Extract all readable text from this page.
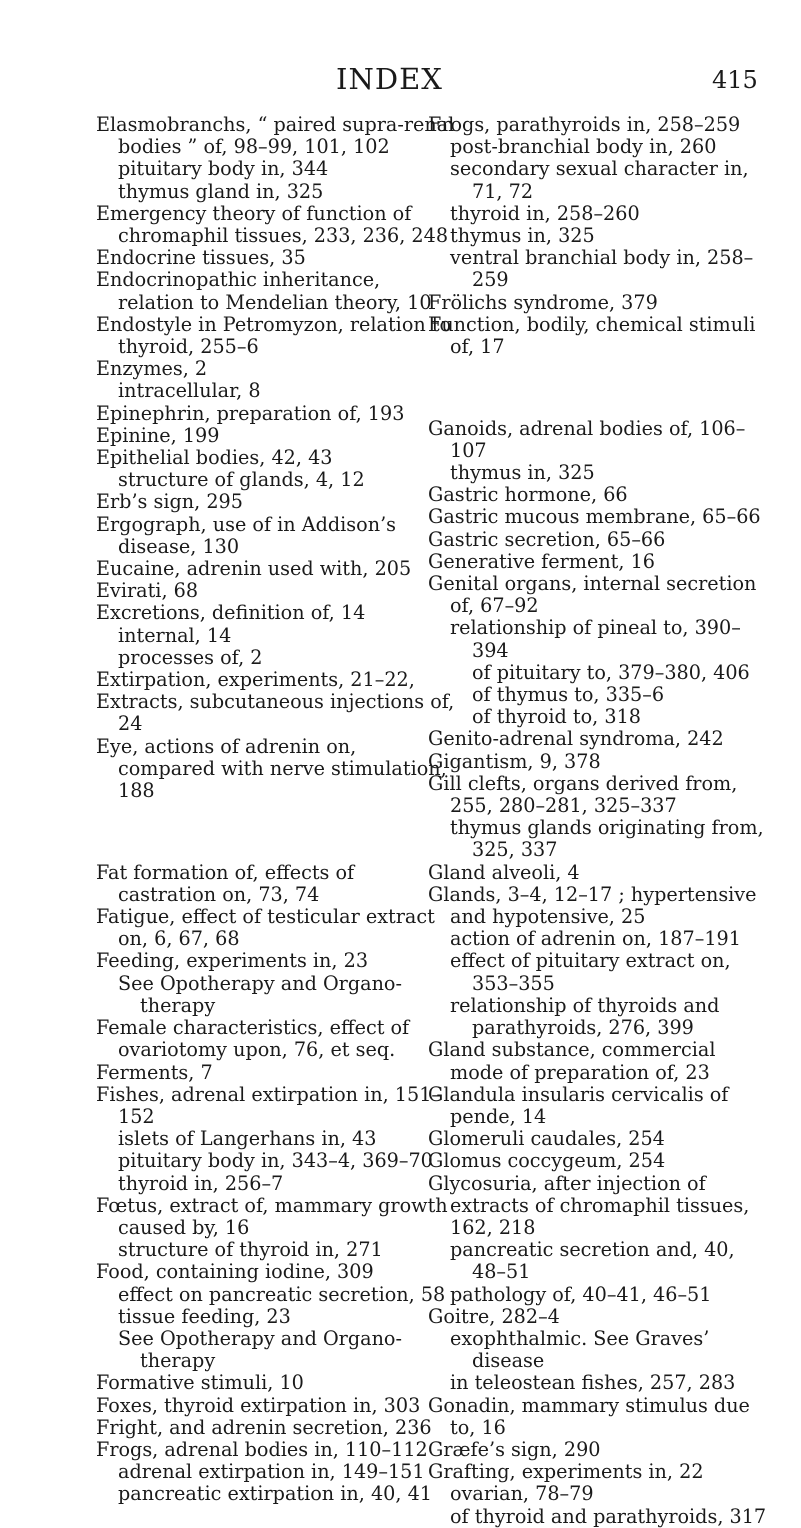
INDEX	415

Elasmobranchs, “ paired supra-renal bodies ” of, 98–99, 101, 102

pituitary body in, 344

thymus gland in, 325

Emergency theory of function of chromaphil tissues, 233, 236, 248

Endocrine tissues, 35

Endocrinopathic inheritance, relation to Mendelian theory, 10

Endostyle in Petromyzon, relation to thyroid, 255–6

Enzymes, 2

intracellular, 8

Epinephrin, preparation of, 193

Epinine, 199

Epithelial bodies, 42, 43

structure of glands, 4, 12

Erb’s sign, 295

Ergograph, use of in Addison’s disease, 130

Eucaine, adrenin used with, 205

Evirati, 68

Excretions, definition of, 14

internal, 14

processes of, 2

Extirpation, experiments, 21–22,

Extracts, subcutaneous injections of, 24

Eye, actions of adrenin on, compared with nerve stimulation, 188

Fat formation of, effects of castration on, 73, 74

Fatigue, effect of testicular extract on, 6, 67, 68

Feeding, experiments in, 23

See Opotherapy and Organo-therapy

Female characteristics, effect of ovariotomy upon, 76, et seq.

Ferments, 7

Fishes, adrenal extirpation in, 151–152

islets of Langerhans in, 43

pituitary body in, 343–4, 369–70

thyroid in, 256–7

Fœtus, extract of, mammary growth caused by, 16

structure of thyroid in, 271

Food, containing iodine, 309

effect on pancreatic secretion, 58

tissue feeding, 23

See Opotherapy and Organo-therapy

Formative stimuli, 10

Foxes, thyroid extirpation in, 303

Fright, and adrenin secretion, 236

Frogs, adrenal bodies in, 110–112

adrenal extirpation in, 149–151

pancreatic extirpation in, 40, 41

Frogs, parathyroids in, 258–259

post-branchial body in, 260

secondary sexual character in, 71, 72

thyroid in, 258–260

thymus in, 325

ventral branchial body in, 258–259

Frölichs syndrome, 379

Function, bodily, chemical stimuli of, 17

Ganoids, adrenal bodies of, 106–107

thymus in, 325

Gastric hormone, 66

Gastric mucous membrane, 65–66

Gastric secretion, 65–66

Generative ferment, 16

Genital organs, internal secretion of, 67–92

relationship of pineal to, 390–394

of pituitary to, 379–380, 406

of thymus to, 335–6

of thyroid to, 318

Genito-adrenal syndroma, 242

Gigantism, 9, 378

Gill clefts, organs derived from, 255, 280–281, 325–337

thymus glands originating from, 325, 337

Gland alveoli, 4

Glands, 3–4, 12–17 ; hypertensive and hypotensive, 25

action of adrenin on, 187–191

effect of pituitary extract on, 353–355

relationship of thyroids and parathyroids, 276, 399

Gland substance, commercial mode of preparation of, 23

Glandula insularis cervicalis of pende, 14

Glomeruli caudales, 254

Glomus coccygeum, 254

Glycosuria, after injection of extracts of chromaphil tissues, 162, 218

pancreatic secretion and, 40, 48–51

pathology of, 40–41, 46–51

Goitre, 282–4

exophthalmic. See Graves’ disease

in teleostean fishes, 257, 283

Gonadin, mammary stimulus due to, 16

Græfe’s sign, 290

Grafting, experiments in, 22

ovarian, 78–79

of thyroid and parathyroids, 317
